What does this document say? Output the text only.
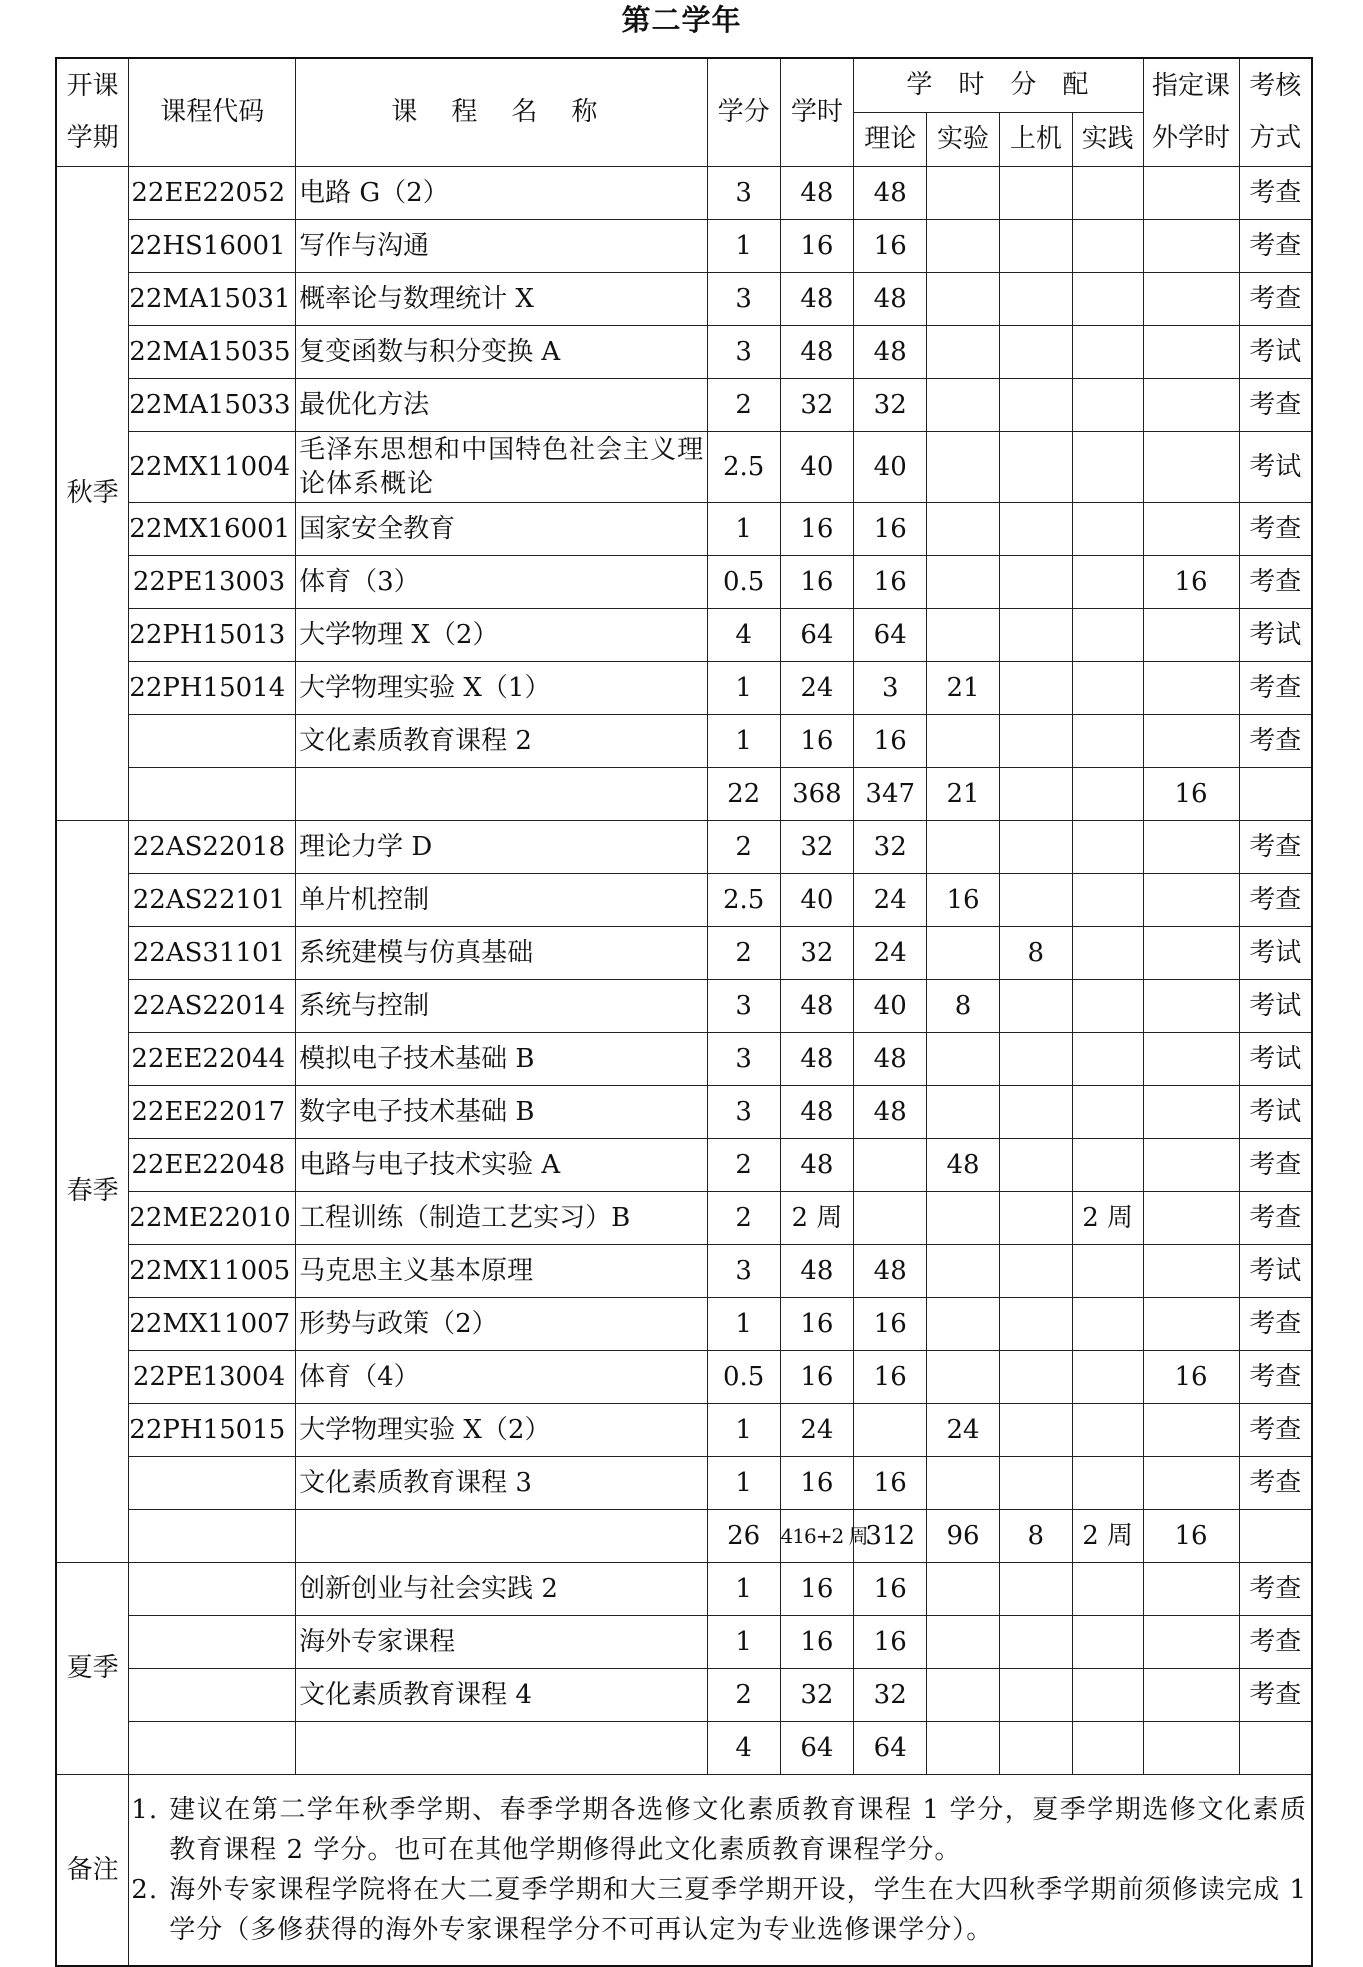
第二学年
开课学期	课程代码	课程名称	学分	学时	学时分配				指定课外学时	考核方式
					理论	实验	上机	实践		
秋季	22EE22052	电路 G（2）	3	48	48					考查
	22HS16001	写作与沟通	1	16	16					考查
	22MA15031	概率论与数理统计 X	3	48	48					考查
	22MA15035	复变函数与积分变换 A	3	48	48					考试
	22MA15033	最优化方法	2	32	32					考查
	22MX11004	毛泽东思想和中国特色社会主义理论体系概论	2.5	40	40					考试
	22MX16001	国家安全教育	1	16	16					考查
	22PE13003	体育（3）	0.5	16	16				16	考查
	22PH15013	大学物理 X（2）	4	64	64					考试
	22PH15014	大学物理实验 X（1）	1	24	3	21				考查
		文化素质教育课程 2	1	16	16					考查
			22	368	347	21			16	
春季	22AS22018	理论力学 D	2	32	32					考查
	22AS22101	单片机控制	2.5	40	24	16				考查
	22AS31101	系统建模与仿真基础	2	32	24		8			考试
	22AS22014	系统与控制	3	48	40	8				考试
	22EE22044	模拟电子技术基础 B	3	48	48					考试
	22EE22017	数字电子技术基础 B	3	48	48					考试
	22EE22048	电路与电子技术实验 A	2	48		48				考查
	22ME22010	工程训练（制造工艺实习）B	2	2 周				2 周		考查
	22MX11005	马克思主义基本原理	3	48	48					考试
	22MX11007	形势与政策（2）	1	16	16					考查
	22PE13004	体育（4）	0.5	16	16				16	考查
	22PH15015	大学物理实验 X（2）	1	24		24				考查
		文化素质教育课程 3	1	16	16					考查
			26	416+2 周	312	96	8	2 周	16	
夏季		创新创业与社会实践 2	1	16	16					考查
		海外专家课程	1	16	16					考查
		文化素质教育课程 4	2	32	32					考查
			4	64	64					
备注	1. 建议在第二学年秋季学期、春季学期各选修文化素质教育课程 1 学分，夏季学期选修文化素质教育课程 2 学分。也可在其他学期修得此文化素质教育课程学分。
2. 海外专家课程学院将在大二夏季学期和大三夏季学期开设，学生在大四秋季学期前须修读完成 1 学分（多修获得的海外专家课程学分不可再认定为专业选修课学分）。									
